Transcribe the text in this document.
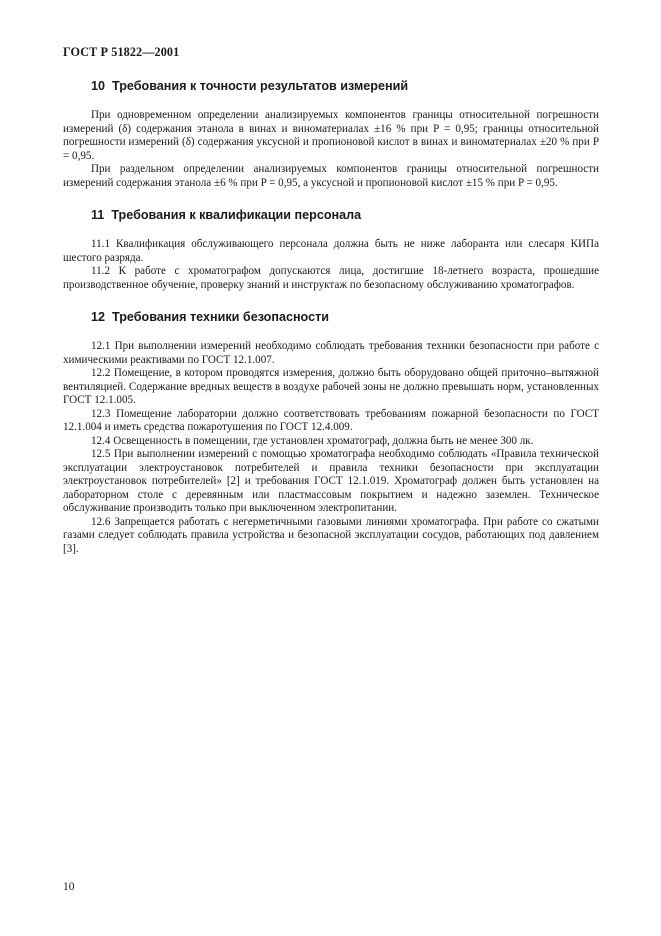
ГОСТ Р 51822—2001
10 Требования к точности результатов измерений

При одновременном определении анализируемых компонентов границы относительной погрешности измерений (δ) содержания этанола в винах и виноматериалах ±16 % при P = 0,95; границы относительной погрешности измерений (δ) содержания уксусной и пропионовой кислот в винах и виноматериалах ±20 % при P = 0,95.

При раздельном определении анализируемых компонентов границы относительной погрешности измерений содержания этанола ±6 % при P = 0,95, а уксусной и пропионовой кислот ±15 % при P = 0,95.

11 Требования к квалификации персонала

11.1 Квалификация обслуживающего персонала должна быть не ниже лаборанта или слесаря КИПа шестого разряда.

11.2 К работе с хроматографом допускаются лица, достигшие 18-летнего возраста, прошедшие производственное обучение, проверку знаний и инструктаж по безопасному обслуживанию хроматографов.

12 Требования техники безопасности

12.1 При выполнении измерений необходимо соблюдать требования техники безопасности при работе с химическими реактивами по ГОСТ 12.1.007.

12.2 Помещение, в котором проводятся измерения, должно быть оборудовано общей приточно–вытяжной вентиляцией. Содержание вредных веществ в воздухе рабочей зоны не должно превышать норм, установленных ГОСТ 12.1.005.

12.3 Помещение лаборатории должно соответствовать требованиям пожарной безопасности по ГОСТ 12.1.004 и иметь средства пожаротушения по ГОСТ 12.4.009.

12.4 Освещенность в помещении, где установлен хроматограф, должна быть не менее 300 лк.

12.5 При выполнении измерений с помощью хроматографа необходимо соблюдать «Правила технической эксплуатации электроустановок потребителей и правила техники безопасности при эксплуатации электроустановок потребителей» [2] и требования ГОСТ 12.1.019. Хроматограф должен быть установлен на лабораторном столе с деревянным или пластмассовым покрытием и надежно заземлен. Техническое обслуживание производить только при выключенном электропитании.

12.6 Запрещается работать с негерметичными газовыми линиями хроматографа. При работе со сжатыми газами следует соблюдать правила устройства и безопасной эксплуатации сосудов, работающих под давлением [3].

10
